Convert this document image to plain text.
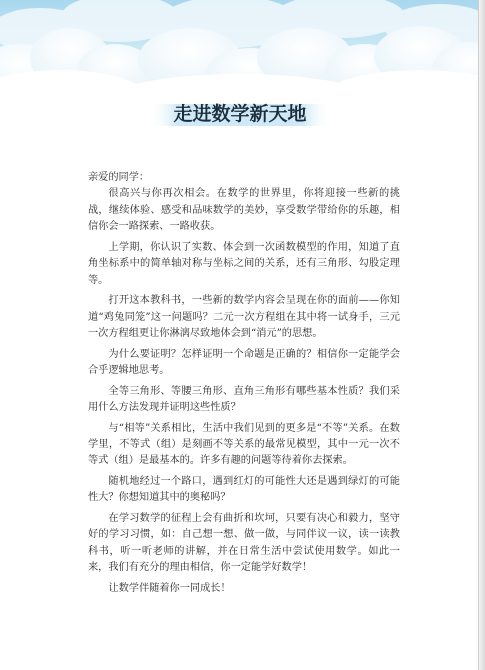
走进数学新天地

亲爱的同学：

很高兴与你再次相会。在数学的世界里，你将迎接一些新的挑战，继续体验、感受和品味数学的美妙，享受数学带给你的乐趣，相信你会一路探索、一路收获。

上学期，你认识了实数、体会到一次函数模型的作用，知道了直角坐标系中的简单轴对称与坐标之间的关系，还有三角形、勾股定理等。

打开这本教科书，一些新的数学内容会呈现在你的面前——你知道“鸡兔同笼”这一问题吗？二元一次方程组在其中将一试身手，三元一次方程组更让你淋漓尽致地体会到“消元”的思想。

为什么要证明？怎样证明一个命题是正确的？相信你一定能学会合乎逻辑地思考。

全等三角形、等腰三角形、直角三角形有哪些基本性质？我们采用什么方法发现并证明这些性质？

与“相等”关系相比，生活中我们见到的更多是“不等”关系。在数学里，不等式（组）是刻画不等关系的最常见模型，其中一元一次不等式（组）是最基本的。许多有趣的问题等待着你去探索。

随机地经过一个路口，遇到红灯的可能性大还是遇到绿灯的可能性大？你想知道其中的奥秘吗？

在学习数学的征程上会有曲折和坎坷，只要有决心和毅力，坚守好的学习习惯，如：自己想一想、做一做，与同伴议一议，读一读教科书，听一听老师的讲解，并在日常生活中尝试使用数学。如此一来，我们有充分的理由相信，你一定能学好数学！

让数学伴随着你一同成长！
